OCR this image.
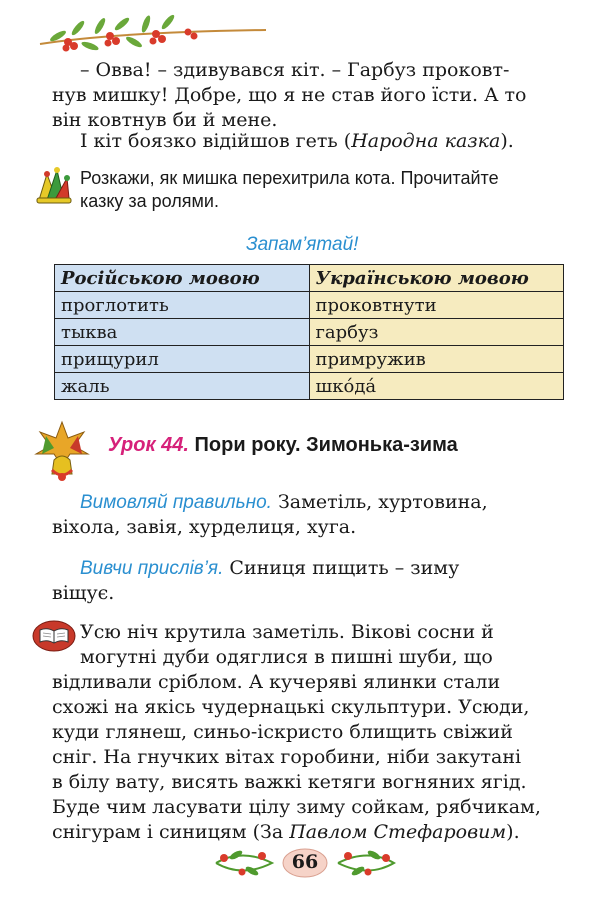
– Овва! – здивувався кіт. – Гарбуз проковт-
нув мишку! Добре, що я не став його їсти. А то
він ковтнув би й мене.
І кіт боязко відійшов геть (Народна казка).
Розкажи, як мишка перехитрила кота. Прочитайте
казку за ролями.
Запам’ятай!
Російською мовою	Українською мовою
проглотить	проковтнути
тыква	гарбуз
прищурил	примружив
жаль	шко́да́
Урок 44. Пори року. Зимонька-зима
Вимовляй правильно. Заметіль, хуртовина,
віхола, завія, хурделиця, хуга.
Вивчи прислів’я. Синиця пищить – зиму
віщує.
Усю ніч крутила заметіль. Вікові сосни й
могутні дуби одяглися в пишні шуби, що
відливали сріблом. А кучеряві ялинки стали
схожі на якісь чудернацькі скульптури. Усюди,
куди глянеш, синьо-іскристо блищить свіжий
сніг. На гнучких вітах горобини, ніби закутані
в білу вату, висять важкі кетяги вогняних ягід.
Буде чим ласувати цілу зиму сойкам, рябчикам,
снігурам і синицям (За Павлом Стефаровим).
66
